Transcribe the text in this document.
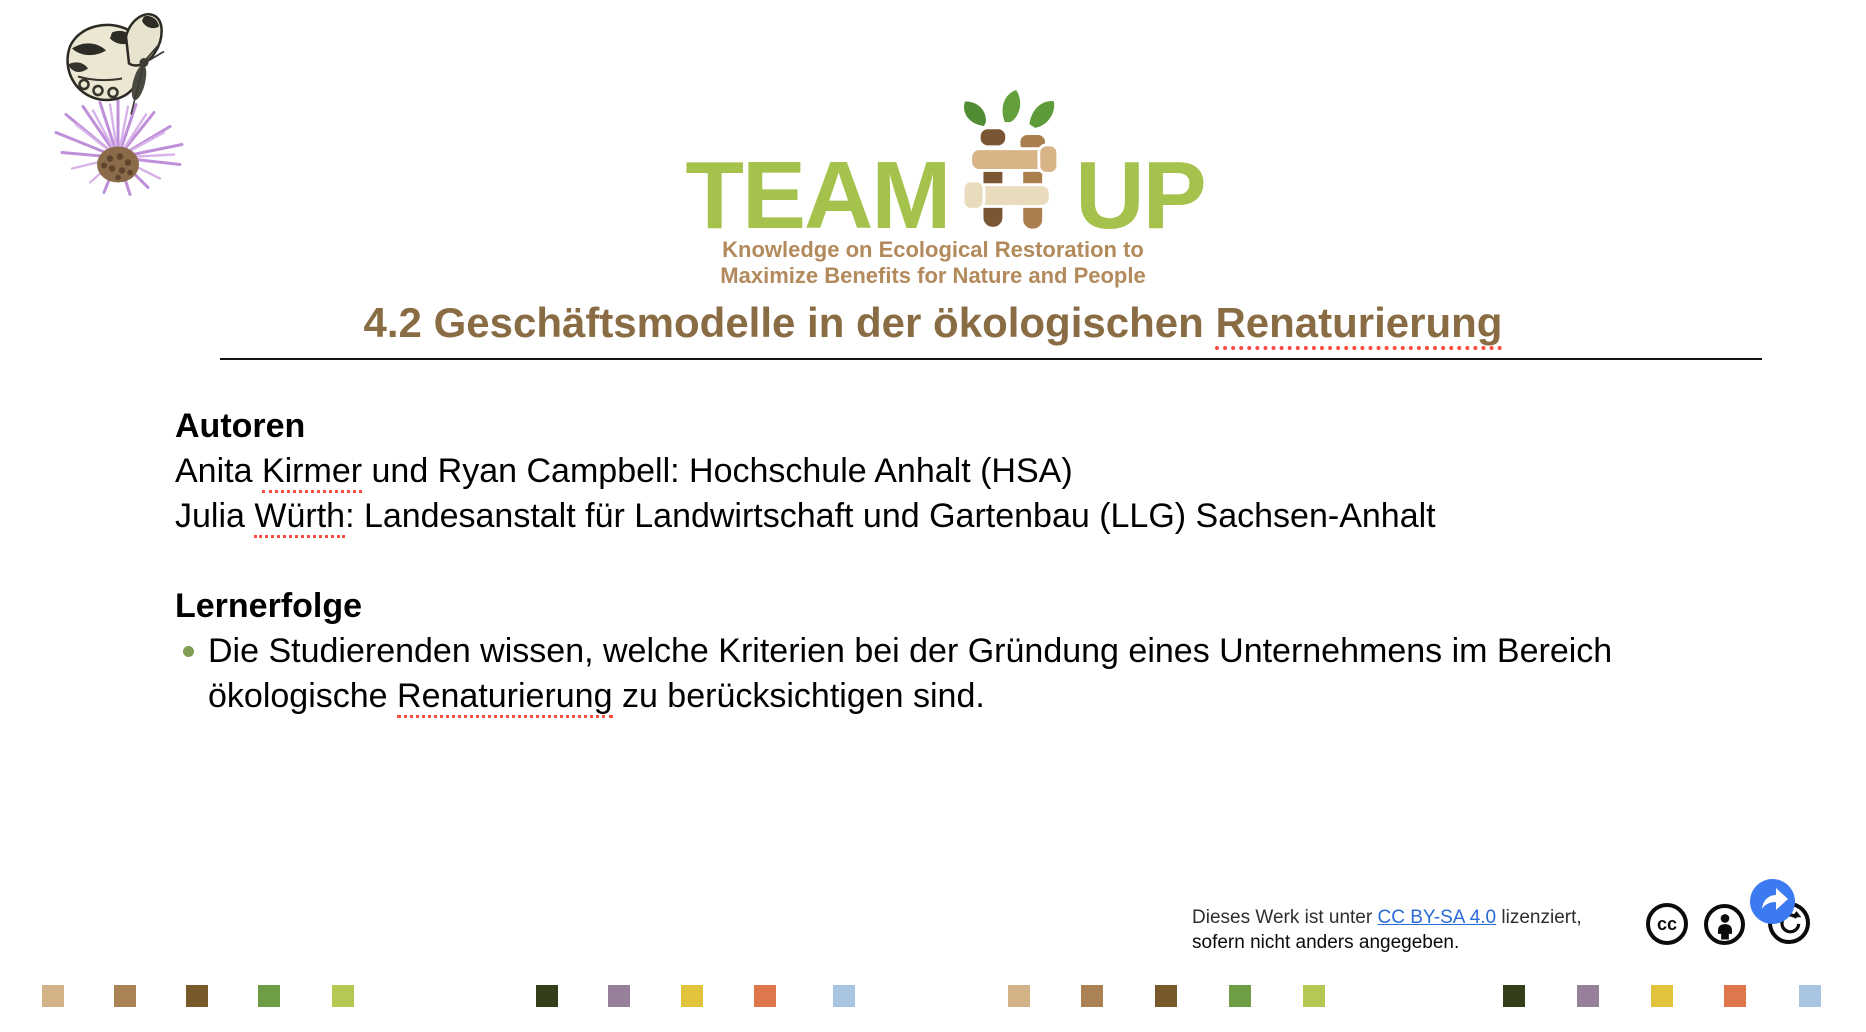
TEAM UP
Knowledge on Ecological Restoration to
Maximize Benefits for Nature and People
4.2 Geschäftsmodelle in der ökologischen Renaturierung
Autoren
Anita Kirmer und Ryan Campbell: Hochschule Anhalt (HSA)
Julia Würth: Landesanstalt für Landwirtschaft und Gartenbau (LLG) Sachsen-Anhalt
Lernerfolge
Die Studierenden wissen, welche Kriterien bei der Gründung eines Unternehmens im Bereich
ökologische Renaturierung zu berücksichtigen sind.
Dieses Werk ist unter CC BY-SA 4.0 lizenziert,
sofern nicht anders angegeben.
cc
